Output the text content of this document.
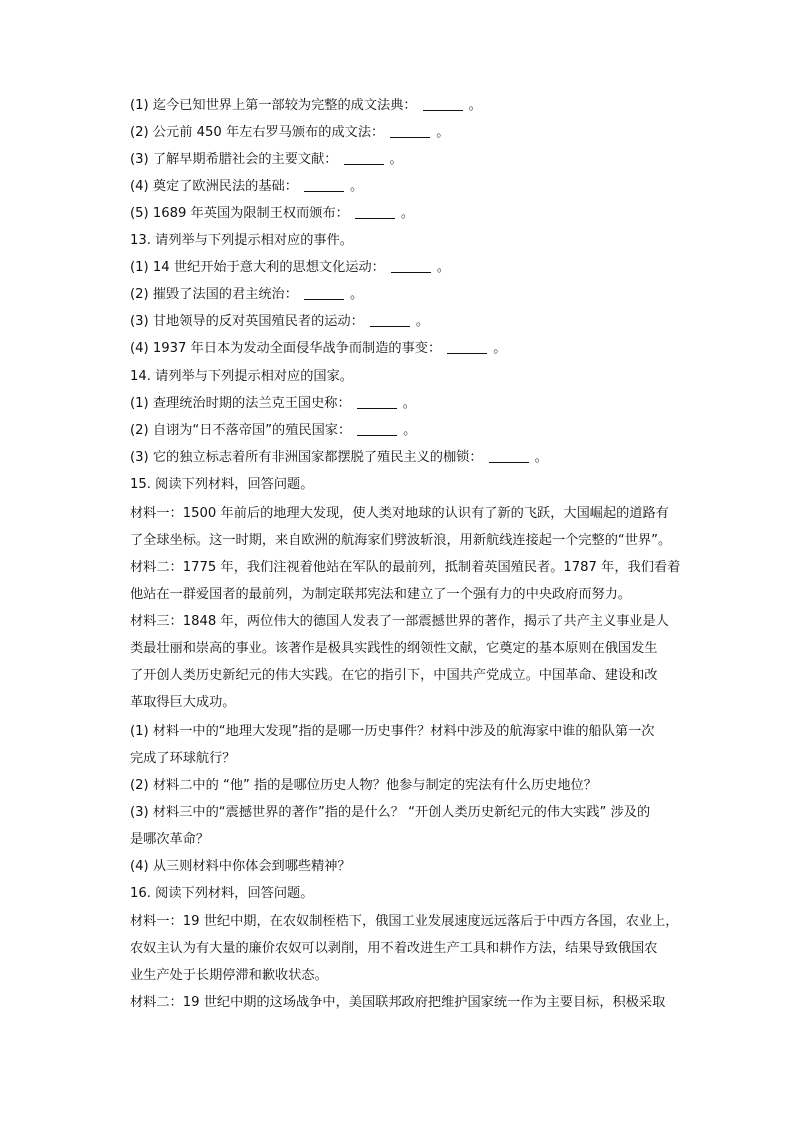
(1) 迄今已知世界上第一部较为完整的成文法典：	。
(2) 公元前 450 年左右罗马颁布的成文法：	。
(3) 了解早期希腊社会的主要文献：	。
(4) 奠定了欧洲民法的基础：	。
(5) 1689 年英国为限制王权而颁布：	。
13. 请列举与下列提示相对应的事件。
(1) 14 世纪开始于意大利的思想文化运动：	。
(2) 摧毁了法国的君主统治：	。
(3) 甘地领导的反对英国殖民者的运动：	。
(4) 1937 年日本为发动全面侵华战争而制造的事变：	。
14. 请列举与下列提示相对应的国家。
(1) 查理统治时期的法兰克王国史称：	。
(2) 自诩为“日不落帝国”的殖民国家：	。
(3) 它的独立标志着所有非洲国家都摆脱了殖民主义的枷锁：	。
15. 阅读下列材料，回答问题。
材料一：1500 年前后的地理大发现，使人类对地球的认识有了新的飞跃，大国崛起的道路有
了全球坐标。这一时期，来自欧洲的航海家们劈波斩浪，用新航线连接起一个完整的“世界”。
材料二：1775 年，我们注视着他站在军队的最前列，抵制着英国殖民者。1787 年，我们看着
他站在一群爱国者的最前列，为制定联邦宪法和建立了一个强有力的中央政府而努力。
材料三：1848 年，两位伟大的德国人发表了一部震撼世界的著作，揭示了共产主义事业是人
类最壮丽和崇高的事业。该著作是极具实践性的纲领性文献，它奠定的基本原则在俄国发生
了开创人类历史新纪元的伟大实践。在它的指引下，中国共产党成立。中国革命、建设和改
革取得巨大成功。
(1) 材料一中的“地理大发现”指的是哪一历史事件？材料中涉及的航海家中谁的船队第一次
完成了环球航行？
(2) 材料二中的 “他” 指的是哪位历史人物？他参与制定的宪法有什么历史地位？
(3) 材料三中的“震撼世界的著作”指的是什么？ “开创人类历史新纪元的伟大实践” 涉及的
是哪次革命？
(4) 从三则材料中你体会到哪些精神？
16. 阅读下列材料，回答问题。
材料一：19 世纪中期，在农奴制桎梏下，俄国工业发展速度远远落后于中西方各国，农业上，
农奴主认为有大量的廉价农奴可以剥削，用不着改进生产工具和耕作方法，结果导致俄国农
业生产处于长期停滞和歉收状态。
材料二：19 世纪中期的这场战争中，美国联邦政府把维护国家统一作为主要目标，积极采取
